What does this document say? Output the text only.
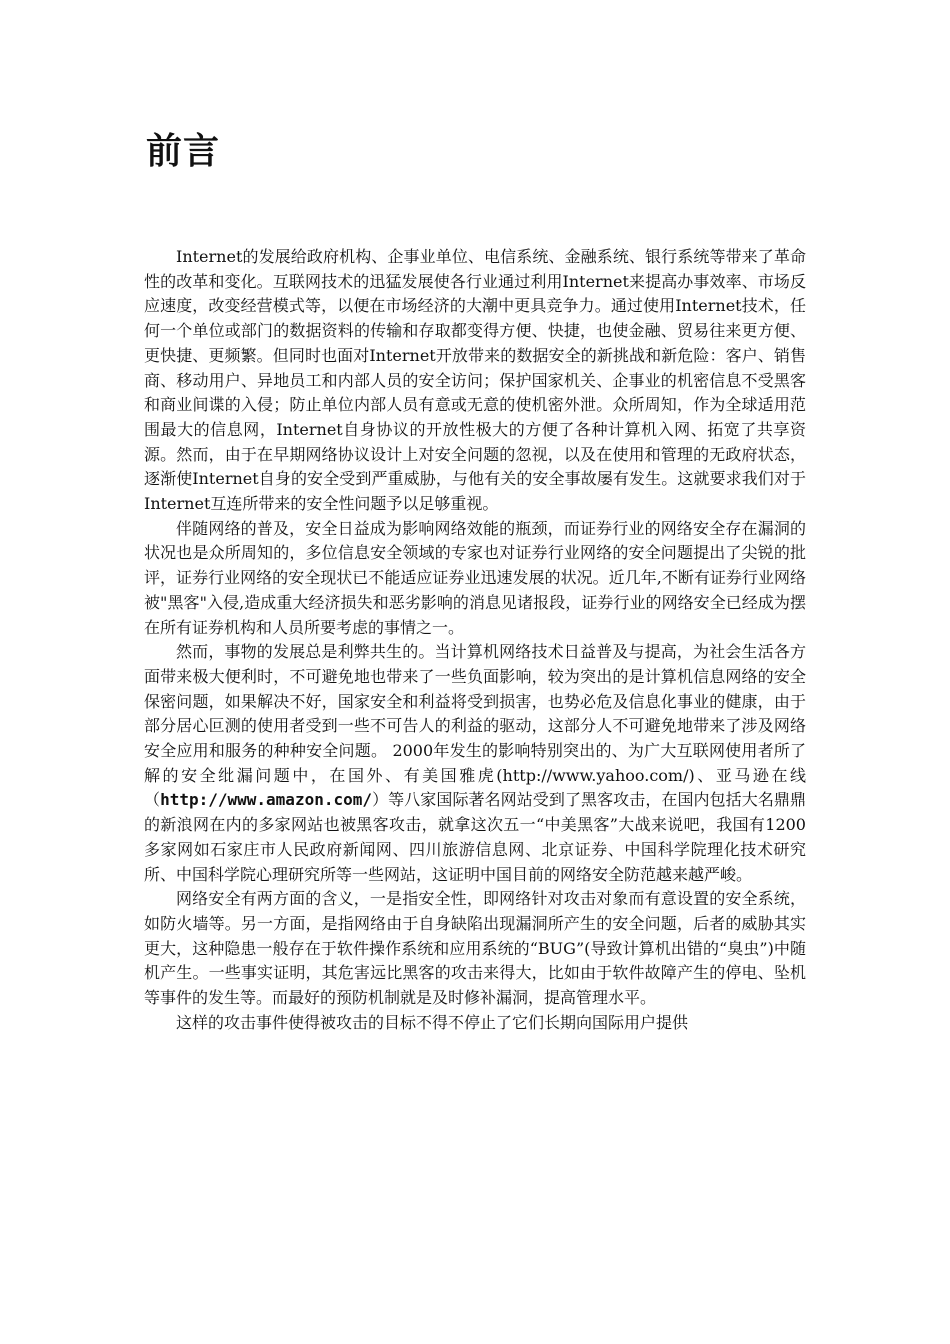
前言

Internet的发展给政府机构、企事业单位、电信系统、金融系统、银行系统等带来了革命性的改革和变化。互联网技术的迅猛发展使各行业通过利用Internet来提高办事效率、市场反应速度，改变经营模式等，以便在市场经济的大潮中更具竞争力。通过使用Internet技术，任何一个单位或部门的数据资料的传输和存取都变得方便、快捷，也使金融、贸易往来更方便、更快捷、更频繁。但同时也面对Internet开放带来的数据安全的新挑战和新危险：客户、销售商、移动用户、异地员工和内部人员的安全访问；保护国家机关、企事业的机密信息不受黑客和商业间谍的入侵；防止单位内部人员有意或无意的使机密外泄。众所周知，作为全球适用范围最大的信息网，Internet自身协议的开放性极大的方便了各种计算机入网、拓宽了共享资源。然而，由于在早期网络协议设计上对安全问题的忽视，以及在使用和管理的无政府状态，逐渐使Internet自身的安全受到严重威胁，与他有关的安全事故屡有发生。这就要求我们对于Internet互连所带来的安全性问题予以足够重视。

伴随网络的普及，安全日益成为影响网络效能的瓶颈，而证券行业的网络安全存在漏洞的状况也是众所周知的，多位信息安全领域的专家也对证券行业网络的安全问题提出了尖锐的批评，证券行业网络的安全现状已不能适应证券业迅速发展的状况。近几年,不断有证券行业网络被"黑客"入侵,造成重大经济损失和恶劣影响的消息见诸报段，证券行业的网络安全已经成为摆在所有证券机构和人员所要考虑的事情之一。

然而，事物的发展总是利弊共生的。当计算机网络技术日益普及与提高，为社会生活各方面带来极大便利时，不可避免地也带来了一些负面影响，较为突出的是计算机信息网络的安全保密问题，如果解决不好，国家安全和利益将受到损害，也势必危及信息化事业的健康，由于部分居心叵测的使用者受到一些不可告人的利益的驱动，这部分人不可避免地带来了涉及网络安全应用和服务的种种安全问题。 2000年发生的影响特别突出的、为广大互联网使用者所了解的安全纰漏问题中，在国外、有美国雅虎(http://www.yahoo.com/)、亚马逊在线（http://www.amazon.com/）等八家国际著名网站受到了黑客攻击，在国内包括大名鼎鼎的新浪网在内的多家网站也被黑客攻击，就拿这次五一“中美黑客”大战来说吧，我国有1200多家网如石家庄市人民政府新闻网、四川旅游信息网、北京证券、中国科学院理化技术研究所、中国科学院心理研究所等一些网站，这证明中国目前的网络安全防范越来越严峻。

网络安全有两方面的含义，一是指安全性，即网络针对攻击对象而有意设置的安全系统，如防火墙等。另一方面，是指网络由于自身缺陷出现漏洞所产生的安全问题，后者的威胁其实更大，这种隐患一般存在于软件操作系统和应用系统的“BUG”(导致计算机出错的“臭虫”)中随机产生。一些事实证明，其危害远比黑客的攻击来得大，比如由于软件故障产生的停电、坠机等事件的发生等。而最好的预防机制就是及时修补漏洞，提高管理水平。

这样的攻击事件使得被攻击的目标不得不停止了它们长期向国际用户提供
